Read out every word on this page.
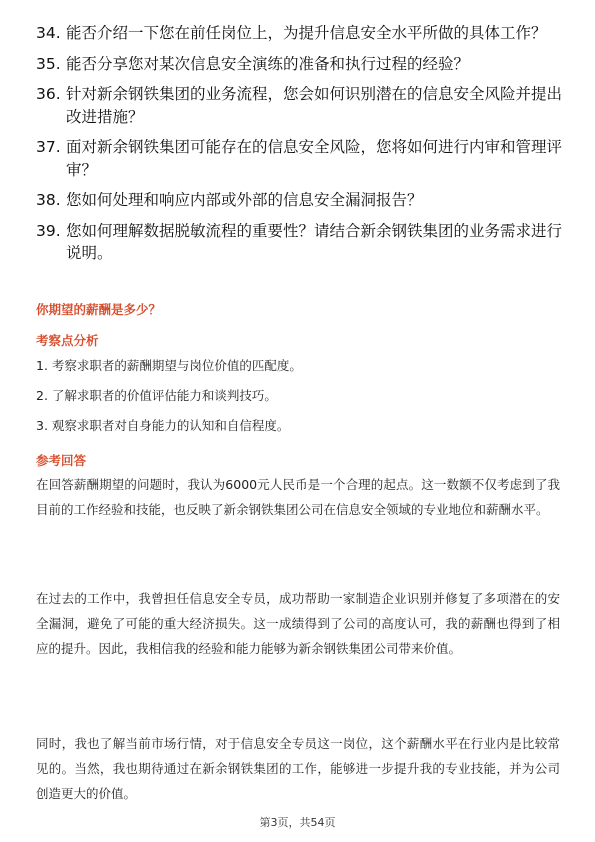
34. 能否介绍一下您在前任岗位上，为提升信息安全水平所做的具体工作？
35. 能否分享您对某次信息安全演练的准备和执行过程的经验？
36. 针对新余钢铁集团的业务流程，您会如何识别潜在的信息安全风险并提出改进措施？
37. 面对新余钢铁集团可能存在的信息安全风险，您将如何进行内审和管理评审？
38. 您如何处理和响应内部或外部的信息安全漏洞报告？
39. 您如何理解数据脱敏流程的重要性？请结合新余钢铁集团的业务需求进行说明。
你期望的薪酬是多少？
考察点分析
1. 考察求职者的薪酬期望与岗位价值的匹配度。
2. 了解求职者的价值评估能力和谈判技巧。
3. 观察求职者对自身能力的认知和自信程度。
参考回答
在回答薪酬期望的问题时，我认为6000元人民币是一个合理的起点。这一数额不仅考虑到了我目前的工作经验和技能，也反映了新余钢铁集团公司在信息安全领域的专业地位和薪酬水平。
在过去的工作中，我曾担任信息安全专员，成功帮助一家制造企业识别并修复了多项潜在的安全漏洞，避免了可能的重大经济损失。这一成绩得到了公司的高度认可，我的薪酬也得到了相应的提升。因此，我相信我的经验和能力能够为新余钢铁集团公司带来价值。
同时，我也了解当前市场行情，对于信息安全专员这一岗位，这个薪酬水平在行业内是比较常见的。当然，我也期待通过在新余钢铁集团的工作，能够进一步提升我的专业技能，并为公司创造更大的价值。
第3页，共54页
